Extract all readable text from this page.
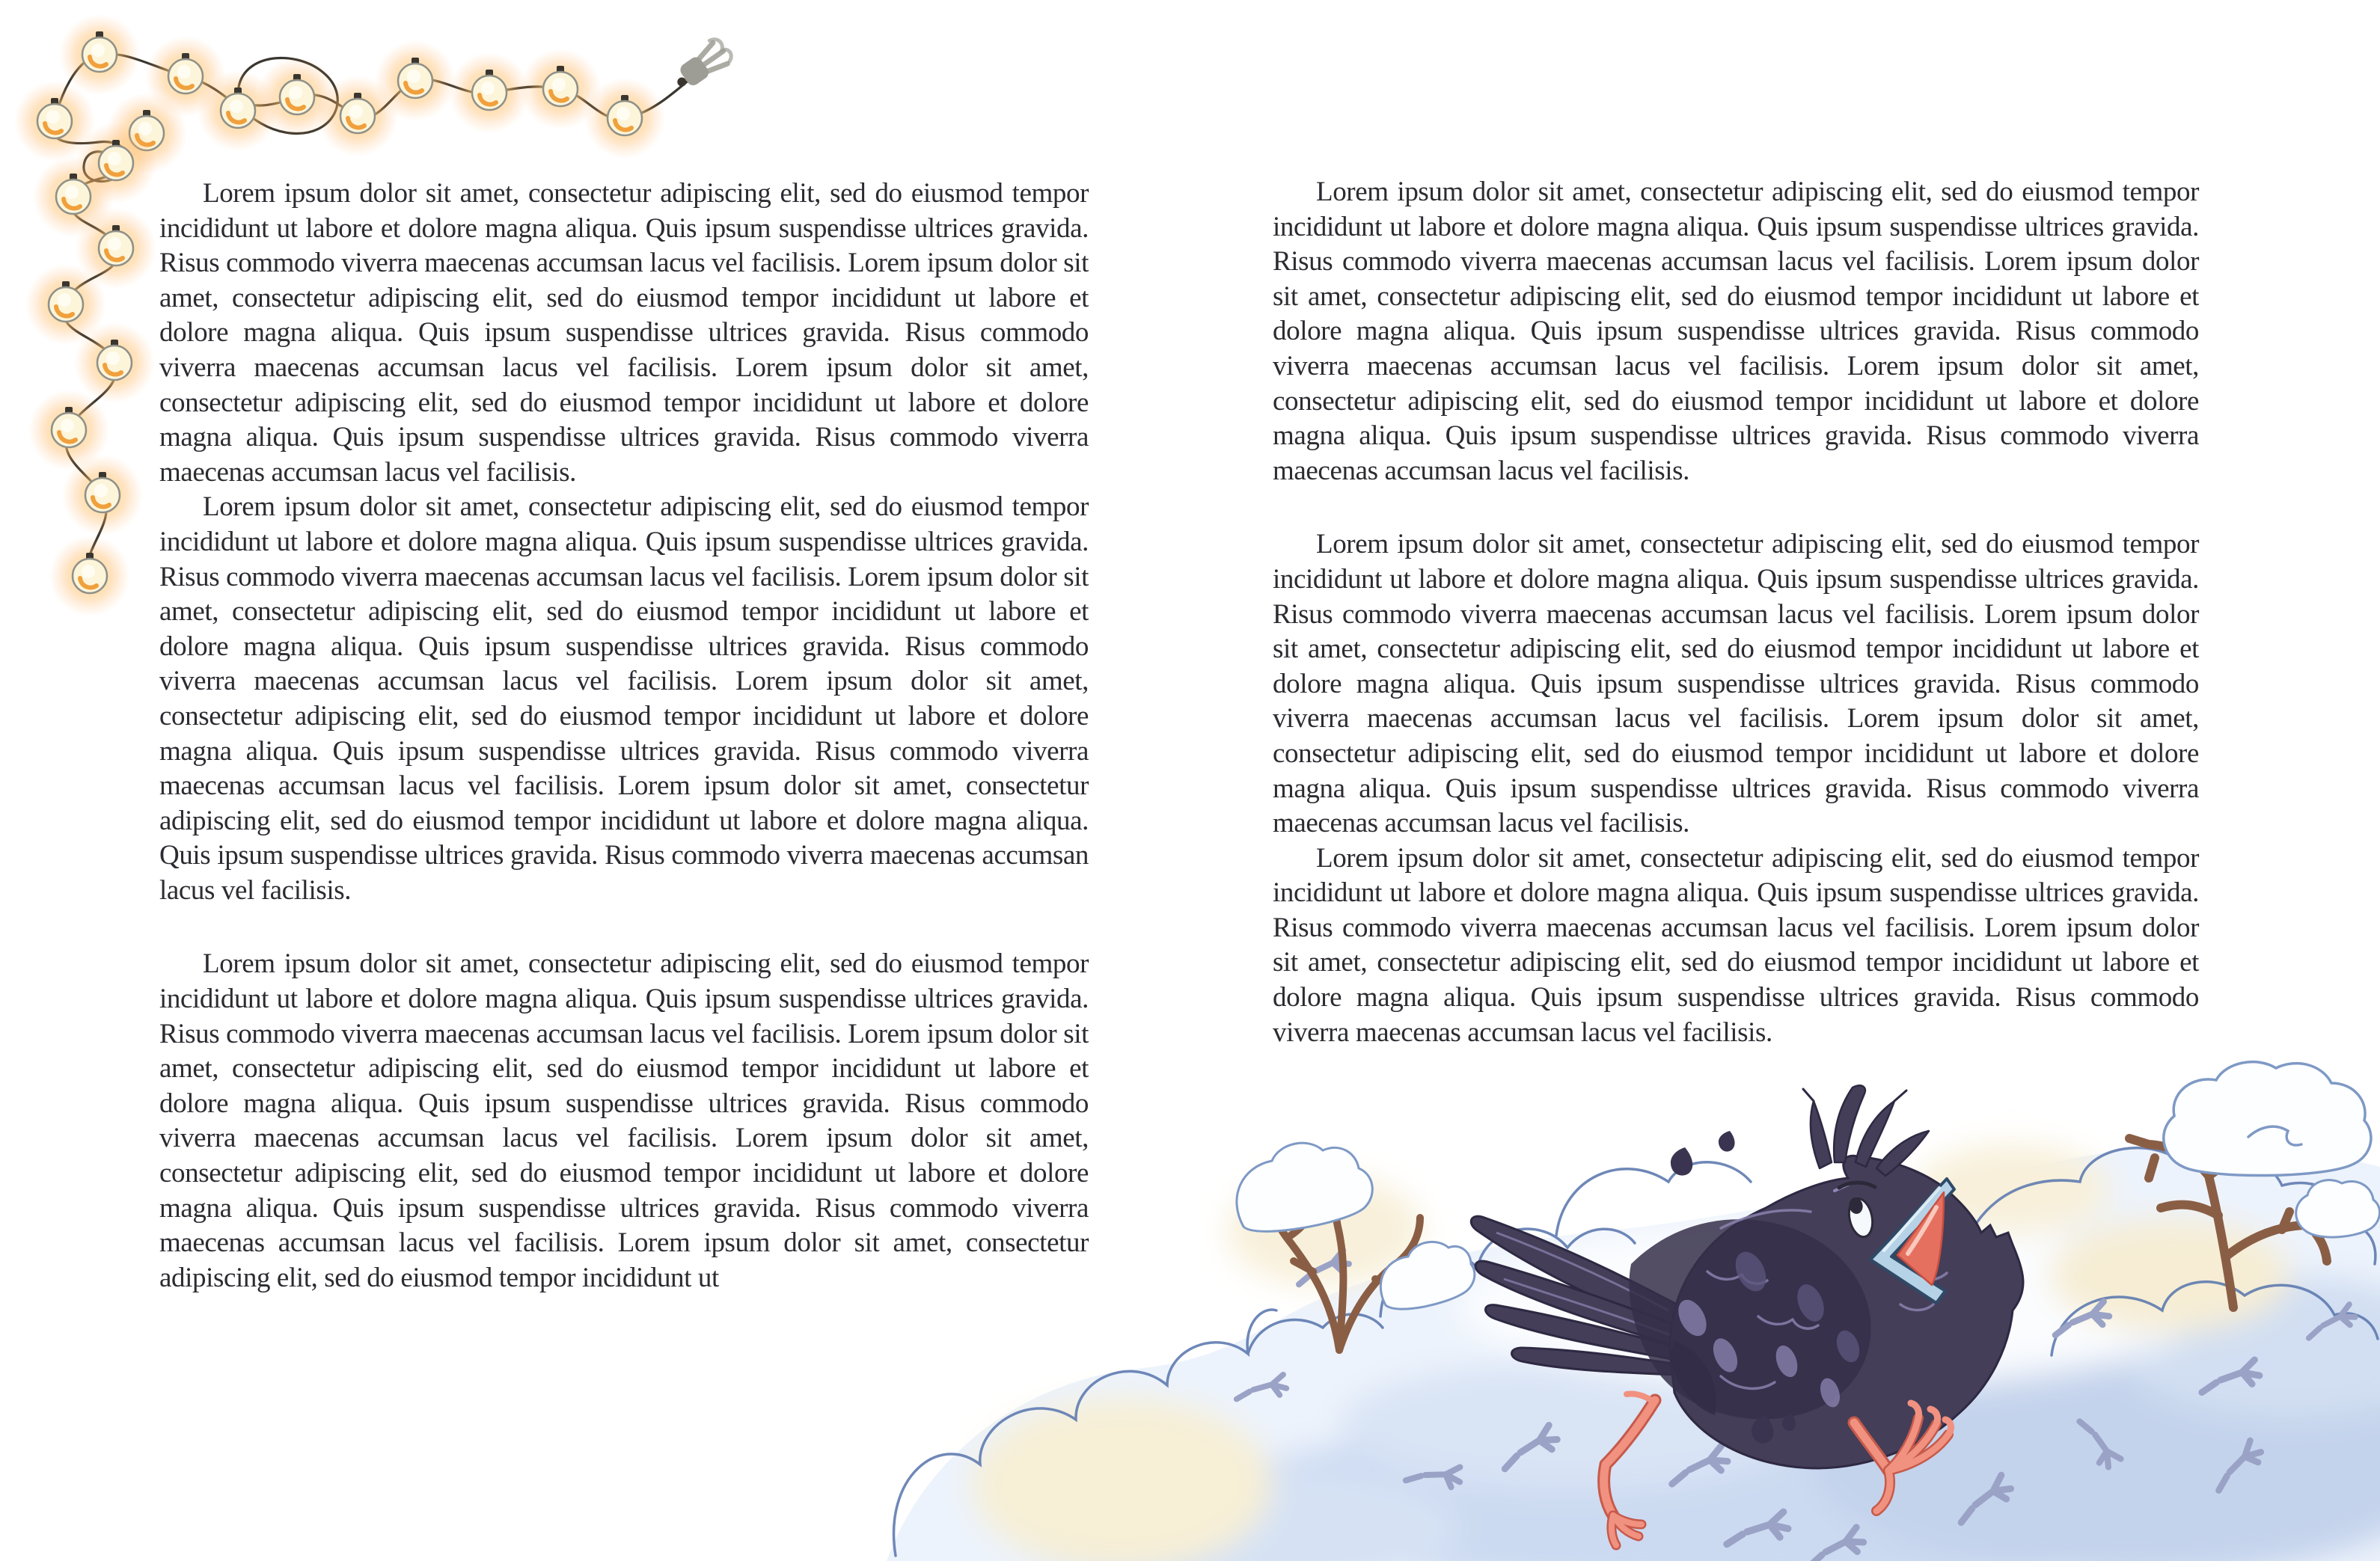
Lorem ipsum dolor sit amet, consectetur adipiscing elit, sed do eiusmod tempor incididunt ut labore et dolore magna aliqua. Quis ipsum suspendisse ultrices gravida. Risus commodo viverra maecenas accumsan lacus vel facilisis. Lorem ipsum dolor sit amet, consectetur adipiscing elit, sed do eiusmod tempor incididunt ut labore et dolore magna aliqua. Quis ipsum suspendisse ultrices gravida. Risus commodo viverra maecenas accumsan lacus vel facilisis. Lorem ipsum dolor sit amet, consectetur adipiscing elit, sed do eiusmod tempor incididunt ut labore et dolore magna aliqua. Quis ipsum suspendisse ultrices gravida. Risus commodo viverra maecenas accumsan lacus vel facilisis.

Lorem ipsum dolor sit amet, consectetur adipiscing elit, sed do eiusmod tempor incididunt ut labore et dolore magna aliqua. Quis ipsum suspendisse ultrices gravida. Risus commodo viverra maecenas accumsan lacus vel facilisis. Lorem ipsum dolor sit amet, consectetur adipiscing elit, sed do eiusmod tempor incididunt ut labore et dolore magna aliqua. Quis ipsum suspendisse ultrices gravida. Risus commodo viverra maecenas accumsan lacus vel facilisis. Lorem ipsum dolor sit amet, consectetur adipiscing elit, sed do eiusmod tempor incididunt ut labore et dolore magna aliqua. Quis ipsum suspendisse ultrices gravida. Risus commodo viverra maecenas accumsan lacus vel facilisis. Lorem ipsum dolor sit amet, consectetur adipiscing elit, sed do eiusmod tempor incididunt ut labore et dolore magna aliqua. Quis ipsum suspendisse ultrices gravida. Risus commodo viverra maecenas accumsan lacus vel facilisis.

Lorem ipsum dolor sit amet, consectetur adipiscing elit, sed do eiusmod tempor incididunt ut labore et dolore magna aliqua. Quis ipsum suspendisse ultrices gravida. Risus commodo viverra maecenas accumsan lacus vel facilisis. Lorem ipsum dolor sit amet, consectetur adipiscing elit, sed do eiusmod tempor incididunt ut labore et dolore magna aliqua. Quis ipsum suspendisse ultrices gravida. Risus commodo viverra maecenas accumsan lacus vel facilisis. Lorem ipsum dolor sit amet, consectetur adipiscing elit, sed do eiusmod tempor incididunt ut labore et dolore magna aliqua. Quis ipsum suspendisse ultrices gravida. Risus commodo viverra maecenas accumsan lacus vel facilisis. Lorem ipsum dolor sit amet, consectetur adipiscing elit, sed do eiusmod tempor incididunt ut

Lorem ipsum dolor sit amet, consectetur adipiscing elit, sed do eiusmod tempor incididunt ut labore et dolore magna aliqua. Quis ipsum suspendisse ultrices gravida. Risus commodo viverra maecenas accumsan lacus vel facilisis. Lorem ipsum dolor sit amet, consectetur adipiscing elit, sed do eiusmod tempor incididunt ut labore et dolore magna aliqua. Quis ipsum suspendisse ultrices gravida. Risus commodo viverra maecenas accumsan lacus vel facilisis. Lorem ipsum dolor sit amet, consectetur adipiscing elit, sed do eiusmod tempor incididunt ut labore et dolore magna aliqua. Quis ipsum suspendisse ultrices gravida. Risus commodo viverra maecenas accumsan lacus vel facilisis.

Lorem ipsum dolor sit amet, consectetur adipiscing elit, sed do eiusmod tempor incididunt ut labore et dolore magna aliqua. Quis ipsum suspendisse ultrices gravida. Risus commodo viverra maecenas accumsan lacus vel facilisis. Lorem ipsum dolor sit amet, consectetur adipiscing elit, sed do eiusmod tempor incididunt ut labore et dolore magna aliqua. Quis ipsum suspendisse ultrices gravida. Risus commodo viverra maecenas accumsan lacus vel facilisis. Lorem ipsum dolor sit amet, consectetur adipiscing elit, sed do eiusmod tempor incididunt ut labore et dolore magna aliqua. Quis ipsum suspendisse ultrices gravida. Risus commodo viverra maecenas accumsan lacus vel facilisis.

Lorem ipsum dolor sit amet, consectetur adipiscing elit, sed do eiusmod tempor incididunt ut labore et dolore magna aliqua. Quis ipsum suspendisse ultrices gravida. Risus commodo viverra maecenas accumsan lacus vel facilisis. Lorem ipsum dolor sit amet, consectetur adipiscing elit, sed do eiusmod tempor incididunt ut labore et dolore magna aliqua. Quis ipsum suspendisse ultrices gravida. Risus commodo viverra maecenas accumsan lacus vel facilisis.
